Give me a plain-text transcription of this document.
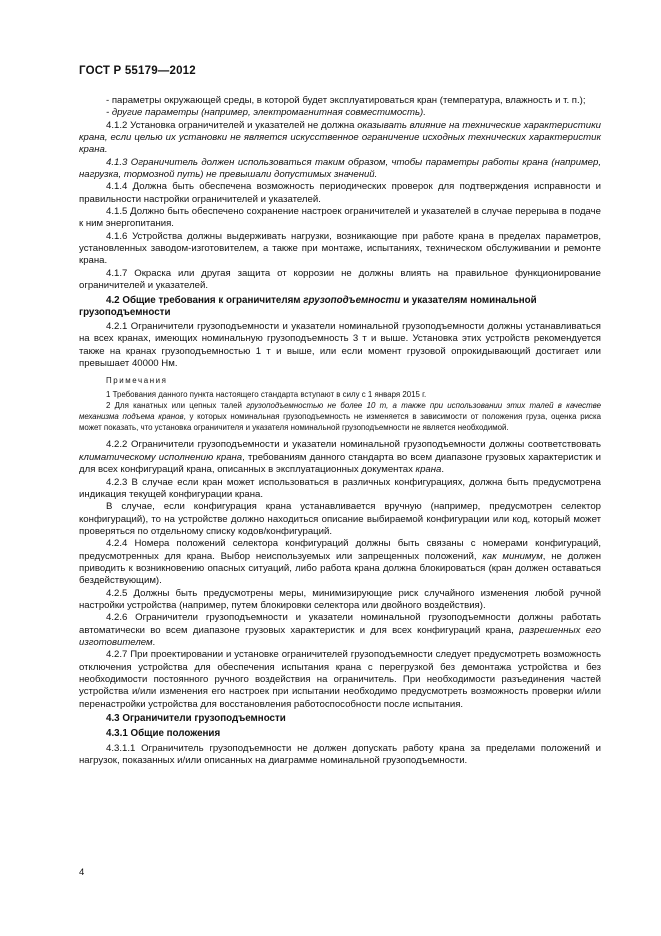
ГОСТ Р 55179—2012

- параметры окружающей среды, в которой будет эксплуатироваться кран (температура, влажность и т. п.);

- другие параметры (например, электромагнитная совместимость).

4.1.2 Установка ограничителей и указателей не должна оказывать влияние на технические характеристики крана, если целью их установки не является искусственное ограничение исходных технических характеристик крана.

4.1.3 Ограничитель должен использоваться таким образом, чтобы параметры работы крана (например, нагрузка, тормозной путь) не превышали допустимых значений.

4.1.4 Должна быть обеспечена возможность периодических проверок для подтверждения исправности и правильности настройки ограничителей и указателей.

4.1.5 Должно быть обеспечено сохранение настроек ограничителей и указателей в случае перерыва в подаче к ним энергопитания.

4.1.6 Устройства должны выдерживать нагрузки, возникающие при работе крана в пределах параметров, установленных заводом-изготовителем, а также при монтаже, испытаниях, техническом обслуживании и ремонте крана.

4.1.7 Окраска или другая защита от коррозии не должны влиять на правильное функционирование ограничителей и указателей.

4.2 Общие требования к ограничителям грузоподъемности и указателям номинальной грузоподъемности

4.2.1 Ограничители грузоподъемности и указатели номинальной грузоподъемности должны устанавливаться на всех кранах, имеющих номинальную грузоподъемность 3 т и выше. Установка этих устройств рекомендуется также на кранах грузоподъемностью 1 т и выше, или если момент грузовой опрокидывающий достигает или превышает 40000 Нм.

Примечания

1 Требования данного пункта настоящего стандарта вступают в силу с 1 января 2015 г.

2 Для канатных или цепных талей грузоподъемностью не более 10 т, а также при использовании этих талей в качестве механизма подъема кранов, у которых номинальная грузоподъемность не изменяется в зависимости от положения груза, оценка риска может показать, что установка ограничителя и указателя номинальной грузоподъемности не является необходимой.

4.2.2 Ограничители грузоподъемности и указатели номинальной грузоподъемности должны соответствовать климатическому исполнению крана, требованиям данного стандарта во всем диапазоне грузовых характеристик и для всех конфигураций крана, описанных в эксплуатационных документах крана.

4.2.3 В случае если кран может использоваться в различных конфигурациях, должна быть предусмотрена индикация текущей конфигурации крана.

В случае, если конфигурация крана устанавливается вручную (например, предусмотрен селектор конфигураций), то на устройстве должно находиться описание выбираемой конфигурации или код, который может проверяться по отдельному списку кодов/конфигураций.

4.2.4 Номера положений селектора конфигураций должны быть связаны с номерами конфигураций, предусмотренных для крана. Выбор неиспользуемых или запрещенных положений, как минимум, не должен приводить к возникновению опасных ситуаций, либо работа крана должна блокироваться (кран должен оставаться бездействующим).

4.2.5 Должны быть предусмотрены меры, минимизирующие риск случайного изменения любой ручной настройки устройства (например, путем блокировки селектора или двойного воздействия).

4.2.6 Ограничители грузоподъемности и указатели номинальной грузоподъемности должны работать автоматически во всем диапазоне грузовых характеристик и для всех конфигураций крана, разрешенных его изготовителем.

4.2.7 При проектировании и установке ограничителей грузоподъемности следует предусмотреть возможность отключения устройства для обеспечения испытания крана с перегрузкой без демонтажа устройства и без необходимости постоянного ручного воздействия на ограничитель. При необходимости разъединения частей устройства и/или изменения его настроек при испытании необходимо предусмотреть возможность проверки и/или перенастройки устройства для восстановления работоспособности после испытания.

4.3 Ограничители грузоподъемности
4.3.1 Общие положения

4.3.1.1 Ограничитель грузоподъемности не должен допускать работу крана за пределами положений и нагрузок, показанных и/или описанных на диаграмме номинальной грузоподъемности.

4
